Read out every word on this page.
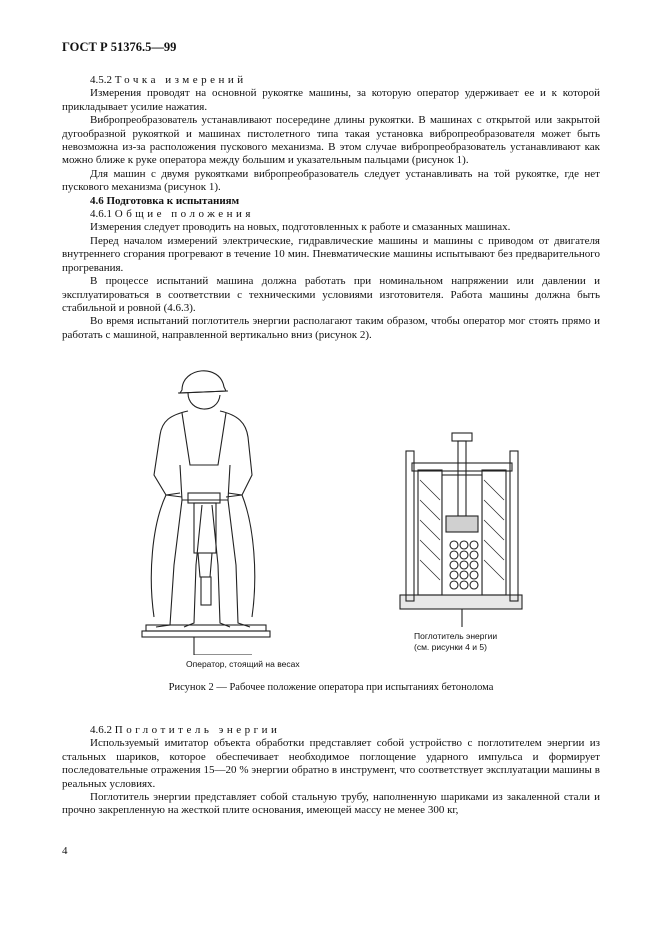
ГОСТ Р 51376.5—99

4.5.2 Точка измерений

Измерения проводят на основной рукоятке машины, за которую оператор удерживает ее и к которой прикладывает усилие нажатия.

Вибропреобразователь устанавливают посередине длины рукоятки. В машинах с открытой или закрытой дугообразной рукояткой и машинах пистолетного типа такая установка вибропреобразователя может быть невозможна из-за расположения пускового механизма. В этом случае вибропреобразователь устанавливают как можно ближе к руке оператора между большим и указательным пальцами (рисунок 1).

Для машин с двумя рукоятками вибропреобразователь следует устанавливать на той рукоятке, где нет пускового механизма (рисунок 1).

4.6 Подготовка к испытаниям

4.6.1 Общие положения

Измерения следует проводить на новых, подготовленных к работе и смазанных машинах.

Перед началом измерений электрические, гидравлические машины и машины с приводом от двигателя внутреннего сгорания прогревают в течение 10 мин. Пневматические машины испытывают без предварительного прогревания.

В процессе испытаний машина должна работать при номинальном напряжении или давлении и эксплуатироваться в соответствии с техническими условиями изготовителя. Работа машины должна быть стабильной и ровной (4.6.3).

Во время испытаний поглотитель энергии располагают таким образом, чтобы оператор мог стоять прямо и работать с машиной, направленной вертикально вниз (рисунок 2).

Оператор, стоящий на весах
Поглотитель энергии
(см. рисунки 4 и 5)
Рисунок 2 — Рабочее положение оператора при испытаниях бетонолома

4.6.2 Поглотитель энергии

Используемый имитатор объекта обработки представляет собой устройство с поглотителем энергии из стальных шариков, которое обеспечивает необходимое поглощение ударного импульса и формирует последовательные отражения 15—20 % энергии обратно в инструмент, что соответствует эксплуатации машины в реальных условиях.

Поглотитель энергии представляет собой стальную трубу, наполненную шариками из закаленной стали и прочно закрепленную на жесткой плите основания, имеющей массу не менее 300 кг,

4
